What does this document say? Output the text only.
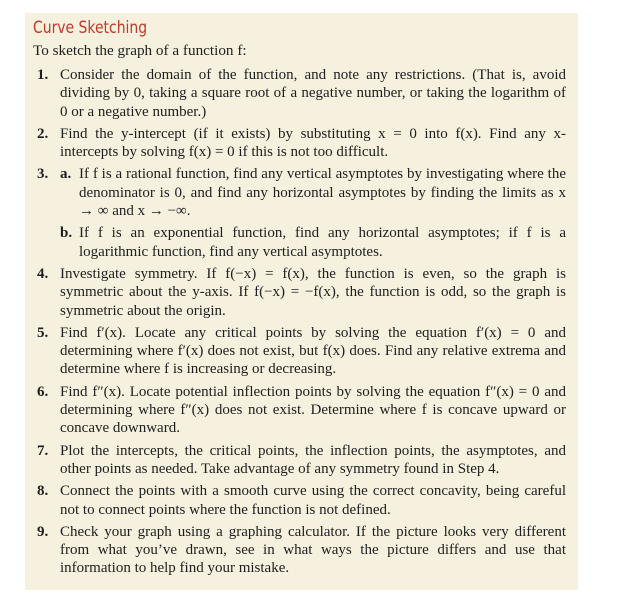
Curve Sketching
To sketch the graph of a function f:
1. Consider the domain of the function, and note any restrictions. (That is, avoid dividing by 0, taking a square root of a negative number, or taking the logarithm of 0 or a negative number.)
2. Find the y-intercept (if it exists) by substituting x = 0 into f(x). Find any x-intercepts by solving f(x) = 0 if this is not too difficult.
3. a. If f is a rational function, find any vertical asymptotes by investigating where the denominator is 0, and find any horizontal asymptotes by finding the limits as x → ∞ and x → −∞.
b. If f is an exponential function, find any horizontal asymptotes; if f is a logarithmic function, find any vertical asymptotes.
4. Investigate symmetry. If f(−x) = f(x), the function is even, so the graph is symmetric about the y-axis. If f(−x) = −f(x), the function is odd, so the graph is symmetric about the origin.
5. Find f′(x). Locate any critical points by solving the equation f′(x) = 0 and determining where f′(x) does not exist, but f(x) does. Find any relative extrema and determine where f is increasing or decreasing.
6. Find f″(x). Locate potential inflection points by solving the equation f″(x) = 0 and determining where f″(x) does not exist. Determine where f is concave upward or concave downward.
7. Plot the intercepts, the critical points, the inflection points, the asymptotes, and other points as needed. Take advantage of any symmetry found in Step 4.
8. Connect the points with a smooth curve using the correct concavity, being careful not to connect points where the function is not defined.
9. Check your graph using a graphing calculator. If the picture looks very different from what you’ve drawn, see in what ways the picture differs and use that information to help find your mistake.
